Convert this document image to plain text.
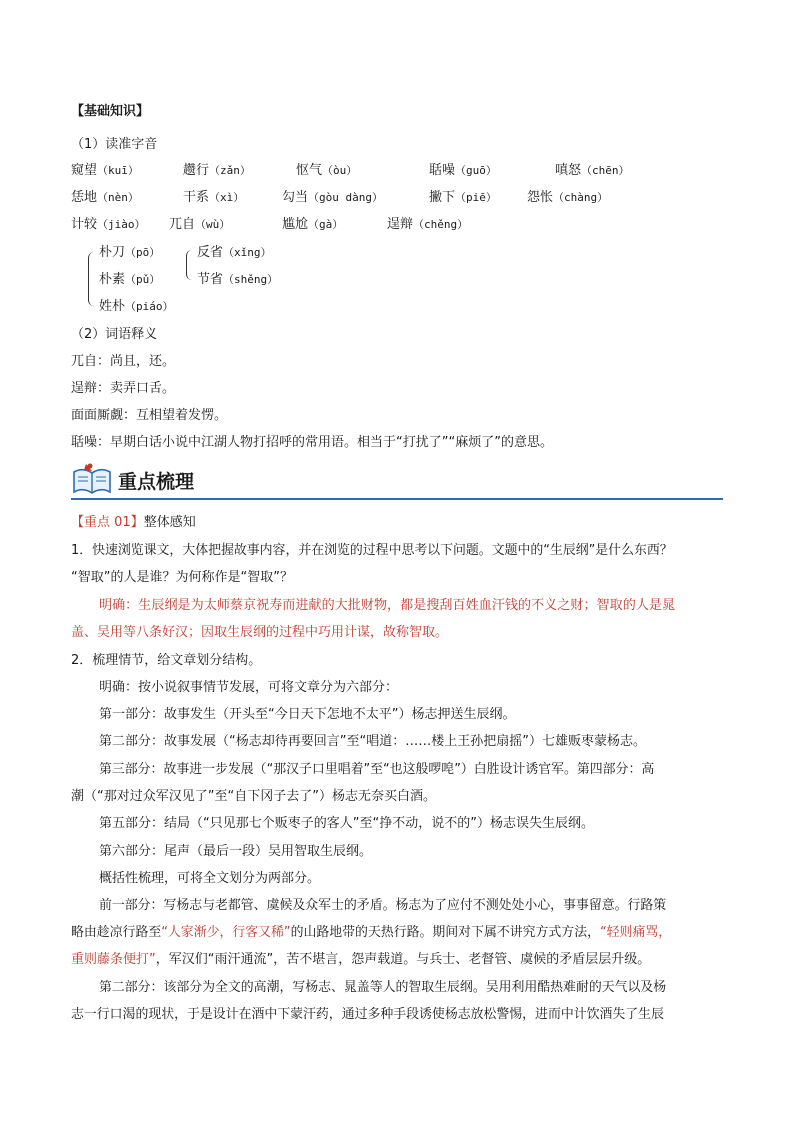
【基础知识】
（1）读准字音
窥望（kuī）	趱行（zǎn）	怄气（òu）	聒噪（guō）	嗔怒（chēn）
恁地（nèn）	干系（xì）	勾当（gòu dàng）	撇下（piē） 怨怅（chàng）
计较（jiào） 兀自（wù）	尴尬（gà）	逞辩（chěng）
朴刀（pō）
朴素（pǔ）
姓朴（piáo）
反省（xǐng）
节省（shěng）
（2）词语释义
兀自：尚且，还。
逞辩：卖弄口舌。
面面厮觑：互相望着发愣。
聒噪：早期白话小说中江湖人物打招呼的常用语。相当于“打扰了”“麻烦了”的意思。
重点梳理
【重点 01】整体感知
1．快速浏览课文，大体把握故事内容，并在浏览的过程中思考以下问题。文题中的“生辰纲”是什么东西？
“智取”的人是谁？为何称作是“智取”？
明确：生辰纲是为太师蔡京祝寿而进献的大批财物，都是搜刮百姓血汗钱的不义之财；智取的人是晁
盖、吴用等八条好汉；因取生辰纲的过程中巧用计谋，故称智取。
2．梳理情节，给文章划分结构。
明确：按小说叙事情节发展，可将文章分为六部分：
第一部分：故事发生（开头至“今日天下怎地不太平”）杨志押送生辰纲。
第二部分：故事发展（“杨志却待再要回言”至“唱道：……楼上王孙把扇摇”）七雄贩枣蒙杨志。
第三部分：故事进一步发展（“那汉子口里唱着”至“也这般啰唣”）白胜设计诱官军。第四部分：高
潮（“那对过众军汉见了”至“自下冈子去了”）杨志无奈买白酒。
第五部分：结局（“只见那七个贩枣子的客人”至“挣不动，说不的”）杨志误失生辰纲。
第六部分：尾声（最后一段）吴用智取生辰纲。
概括性梳理，可将全文划分为两部分。
前一部分：写杨志与老都管、虞候及众军士的矛盾。杨志为了应付不测处处小心，事事留意。行路策
略由趁凉行路至“人家渐少，行客又稀”的山路地带的天热行路。期间对下属不讲究方式方法，“轻则痛骂，
重则藤条便打”，军汉们“雨汗通流”，苦不堪言，怨声载道。与兵士、老督管、虞候的矛盾层层升级。
第二部分：该部分为全文的高潮，写杨志、晁盖等人的智取生辰纲。吴用利用酷热难耐的天气以及杨
志一行口渴的现状，于是设计在酒中下蒙汗药，通过多种手段诱使杨志放松警惕，进而中计饮酒失了生辰
